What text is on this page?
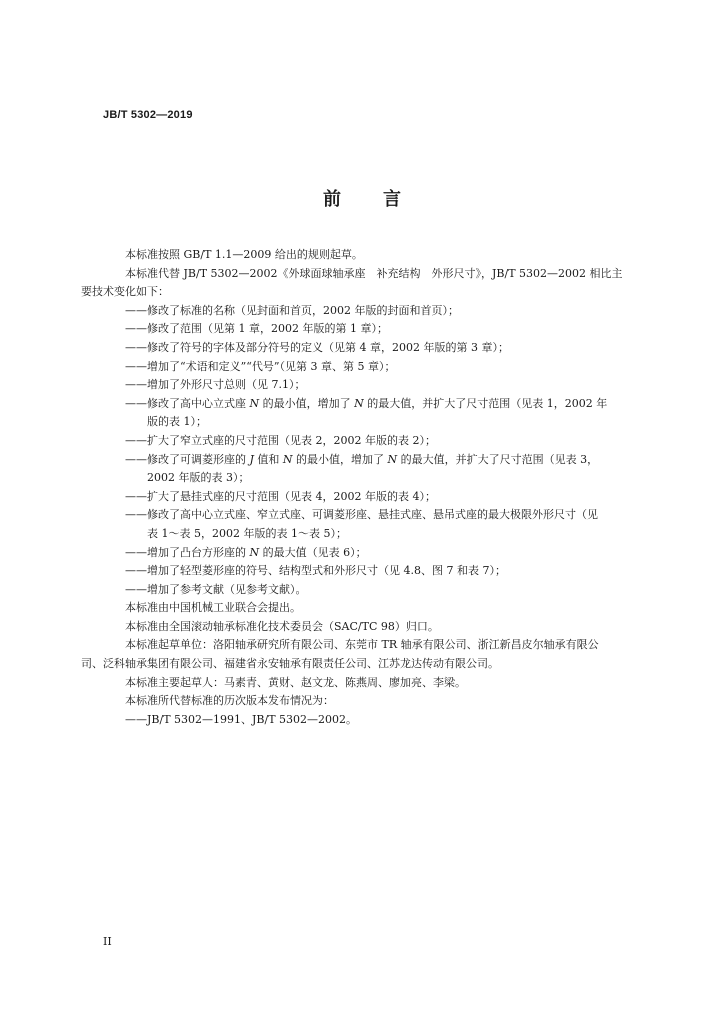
JB/T 5302—2019
前 言

本标准按照 GB/T 1.1—2009 给出的规则起草。

本标准代替 JB/T 5302—2002《外球面球轴承座　补充结构　外形尺寸》，JB/T 5302—2002 相比主
要技术变化如下：

——修改了标准的名称（见封面和首页，2002 年版的封面和首页）；

——修改了范围（见第 1 章，2002 年版的第 1 章）；

——修改了符号的字体及部分符号的定义（见第 4 章，2002 年版的第 3 章）；

——增加了“术语和定义”“代号”（见第 3 章、第 5 章）；

——增加了外形尺寸总则（见 7.1）；

——修改了高中心立式座 N 的最小值，增加了 N 的最大值，并扩大了尺寸范围（见表 1，2002 年
版的表 1）；

——扩大了窄立式座的尺寸范围（见表 2，2002 年版的表 2）；

——修改了可调菱形座的 J 值和 N 的最小值，增加了 N 的最大值，并扩大了尺寸范围（见表 3，
2002 年版的表 3）；

——扩大了悬挂式座的尺寸范围（见表 4，2002 年版的表 4）；

——修改了高中心立式座、窄立式座、可调菱形座、悬挂式座、悬吊式座的最大极限外形尺寸（见
表 1～表 5，2002 年版的表 1～表 5）；

——增加了凸台方形座的 N 的最大值（见表 6）；

——增加了轻型菱形座的符号、结构型式和外形尺寸（见 4.8、图 7 和表 7）；

——增加了参考文献（见参考文献）。

本标准由中国机械工业联合会提出。

本标准由全国滚动轴承标准化技术委员会（SAC/TC 98）归口。

本标准起草单位：洛阳轴承研究所有限公司、东莞市 TR 轴承有限公司、浙江新昌皮尔轴承有限公
司、泛科轴承集团有限公司、福建省永安轴承有限责任公司、江苏龙达传动有限公司。

本标准主要起草人：马素青、黄财、赵文龙、陈燕周、廖加亮、李梁。

本标准所代替标准的历次版本发布情况为：

——JB/T 5302—1991、JB/T 5302—2002。

II
